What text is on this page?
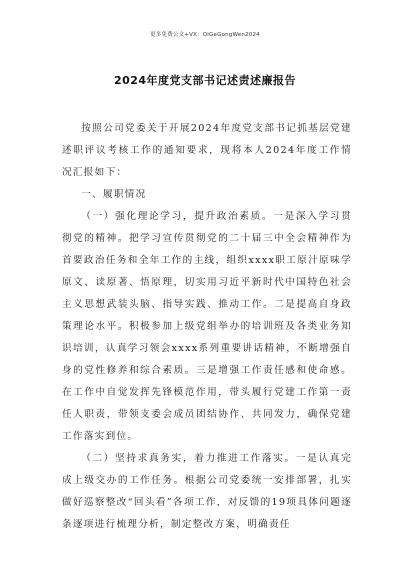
更多免费公文+VX：QiGeGongWen2024
2024年度党支部书记述责述廉报告

按照公司党委关于开展2024年度党支部书记抓基层党建述职评议考核工作的通知要求，现将本人2024年度工作情况汇报如下：

一、履职情况

（一）强化理论学习，提升政治素质。一是深入学习贯彻党的精神。把学习宣传贯彻党的二十届三中全会精神作为首要政治任务和全年工作的主线，组织xxxx职工原汁原味学原文、读原著、悟原理，切实用习近平新时代中国特色社会主义思想武装头脑、指导实践、推动工作。二是提高自身政策理论水平。积极参加上级党组举办的培训班及各类业务知识培训，认真学习领会xxxx系列重要讲话精神，不断增强自身的党性修养和综合素质。三是增强工作责任感和使命感。在工作中自觉发挥先锋模范作用，带头履行党建工作第一责任人职责，带领支委会成员团结协作、共同发力，确保党建工作落实到位。

（二）坚持求真务实，着力推进工作落实。一是认真完成上级交办的工作任务。根据公司党委统一安排部署，扎实做好巡察整改“回头看”各项工作，对反馈的19项具体问题逐条逐项进行梳理分析，制定整改方案，明确责任
